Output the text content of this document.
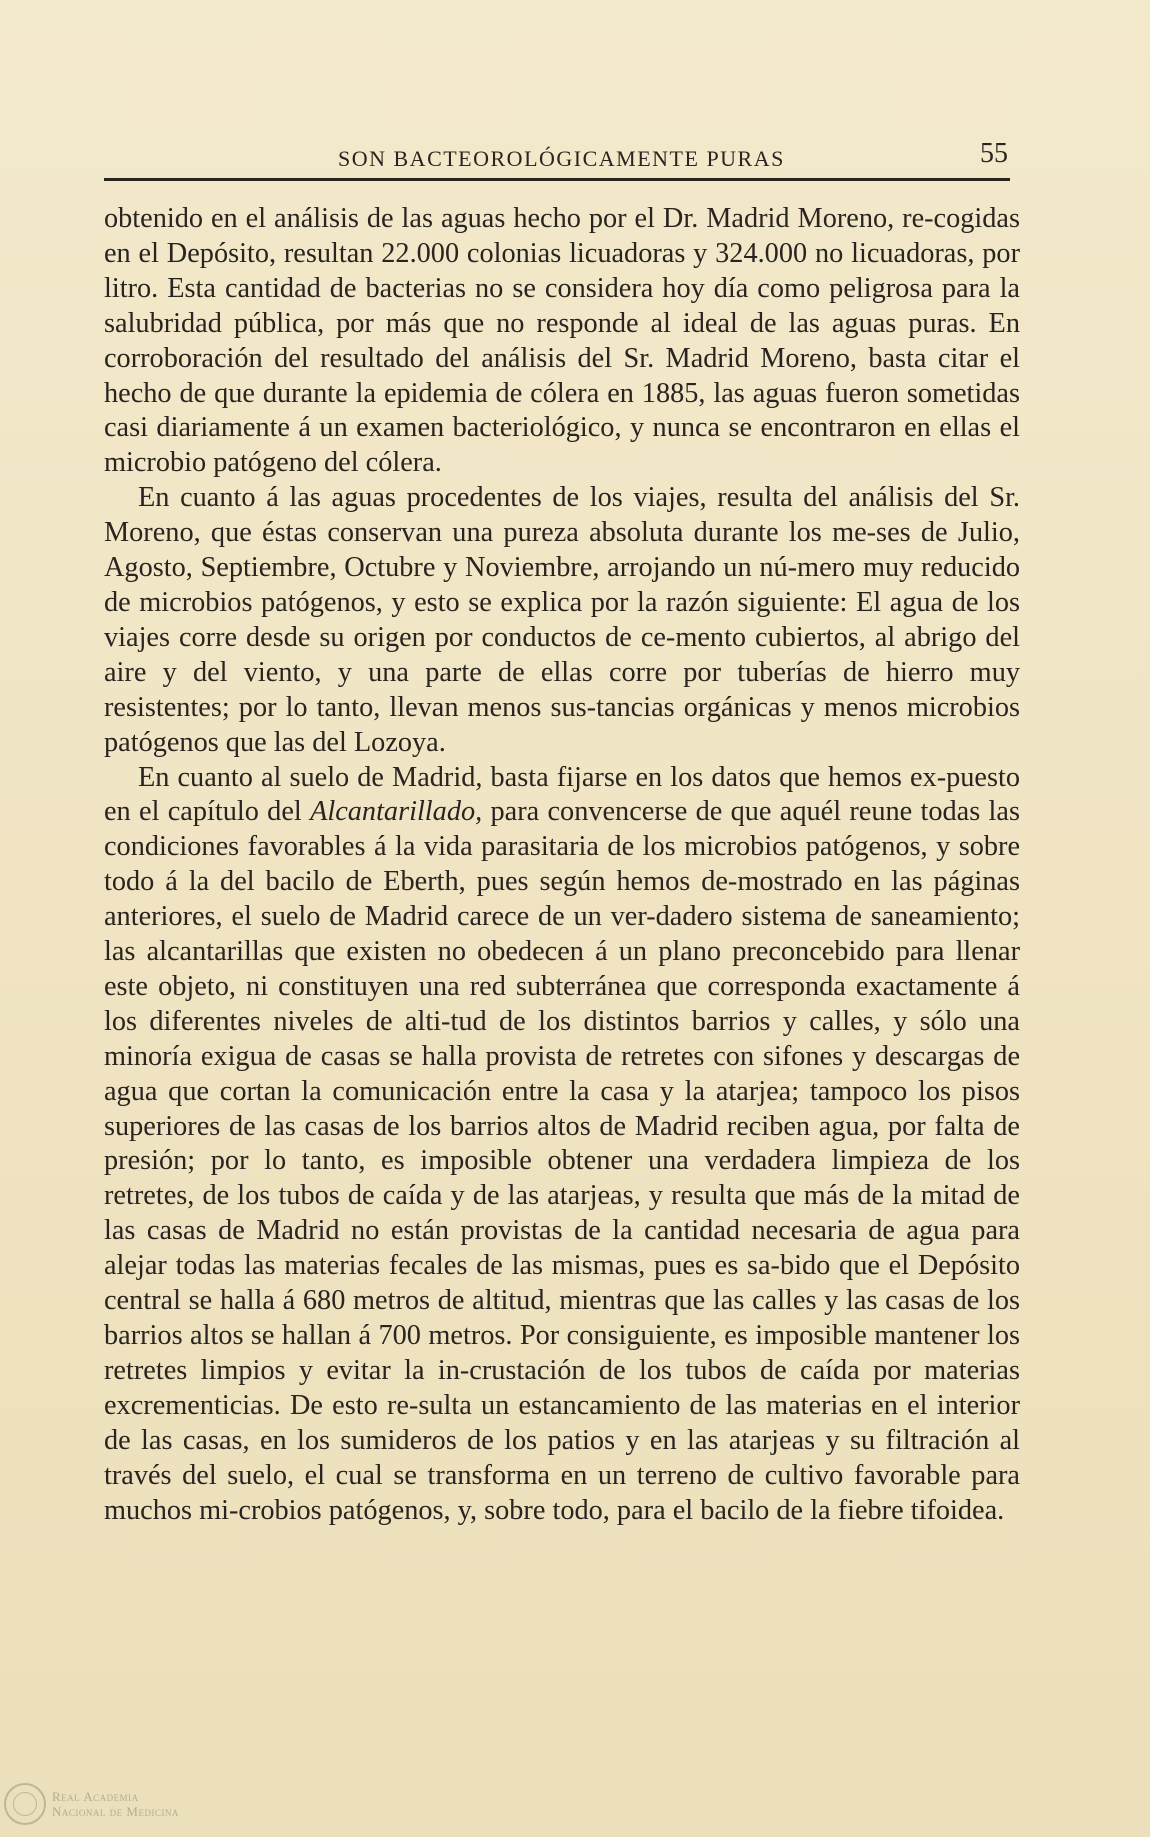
SON BACTEOROLÓGICAMENTE PURAS	55

obtenido en el análisis de las aguas hecho por el Dr. Madrid Moreno, re-cogidas en el Depósito, resultan 22.000 colonias licuadoras y 324.000 no licuadoras, por litro. Esta cantidad de bacterias no se considera hoy día como peligrosa para la salubridad pública, por más que no responde al ideal de las aguas puras. En corroboración del resultado del análisis del Sr. Madrid Moreno, basta citar el hecho de que durante la epidemia de cólera en 1885, las aguas fueron sometidas casi diariamente á un examen bacteriológico, y nunca se encontraron en ellas el microbio patógeno del cólera.

En cuanto á las aguas procedentes de los viajes, resulta del análisis del Sr. Moreno, que éstas conservan una pureza absoluta durante los me-ses de Julio, Agosto, Septiembre, Octubre y Noviembre, arrojando un nú-mero muy reducido de microbios patógenos, y esto se explica por la razón siguiente: El agua de los viajes corre desde su origen por conductos de ce-mento cubiertos, al abrigo del aire y del viento, y una parte de ellas corre por tuberías de hierro muy resistentes; por lo tanto, llevan menos sus-tancias orgánicas y menos microbios patógenos que las del Lozoya.

En cuanto al suelo de Madrid, basta fijarse en los datos que hemos ex-puesto en el capítulo del Alcantarillado, para convencerse de que aquél reune todas las condiciones favorables á la vida parasitaria de los microbios patógenos, y sobre todo á la del bacilo de Eberth, pues según hemos de-mostrado en las páginas anteriores, el suelo de Madrid carece de un ver-dadero sistema de saneamiento; las alcantarillas que existen no obedecen á un plano preconcebido para llenar este objeto, ni constituyen una red subterránea que corresponda exactamente á los diferentes niveles de alti-tud de los distintos barrios y calles, y sólo una minoría exigua de casas se halla provista de retretes con sifones y descargas de agua que cortan la comunicación entre la casa y la atarjea; tampoco los pisos superiores de las casas de los barrios altos de Madrid reciben agua, por falta de presión; por lo tanto, es imposible obtener una verdadera limpieza de los retretes, de los tubos de caída y de las atarjeas, y resulta que más de la mitad de las casas de Madrid no están provistas de la cantidad necesaria de agua para alejar todas las materias fecales de las mismas, pues es sa-bido que el Depósito central se halla á 680 metros de altitud, mientras que las calles y las casas de los barrios altos se hallan á 700 metros. Por consiguiente, es imposible mantener los retretes limpios y evitar la in-crustación de los tubos de caída por materias excrementicias. De esto re-sulta un estancamiento de las materias en el interior de las casas, en los sumideros de los patios y en las atarjeas y su filtración al través del suelo, el cual se transforma en un terreno de cultivo favorable para muchos mi-crobios patógenos, y, sobre todo, para el bacilo de la fiebre tifoidea.

Real Academia
Nacional de Medicina
